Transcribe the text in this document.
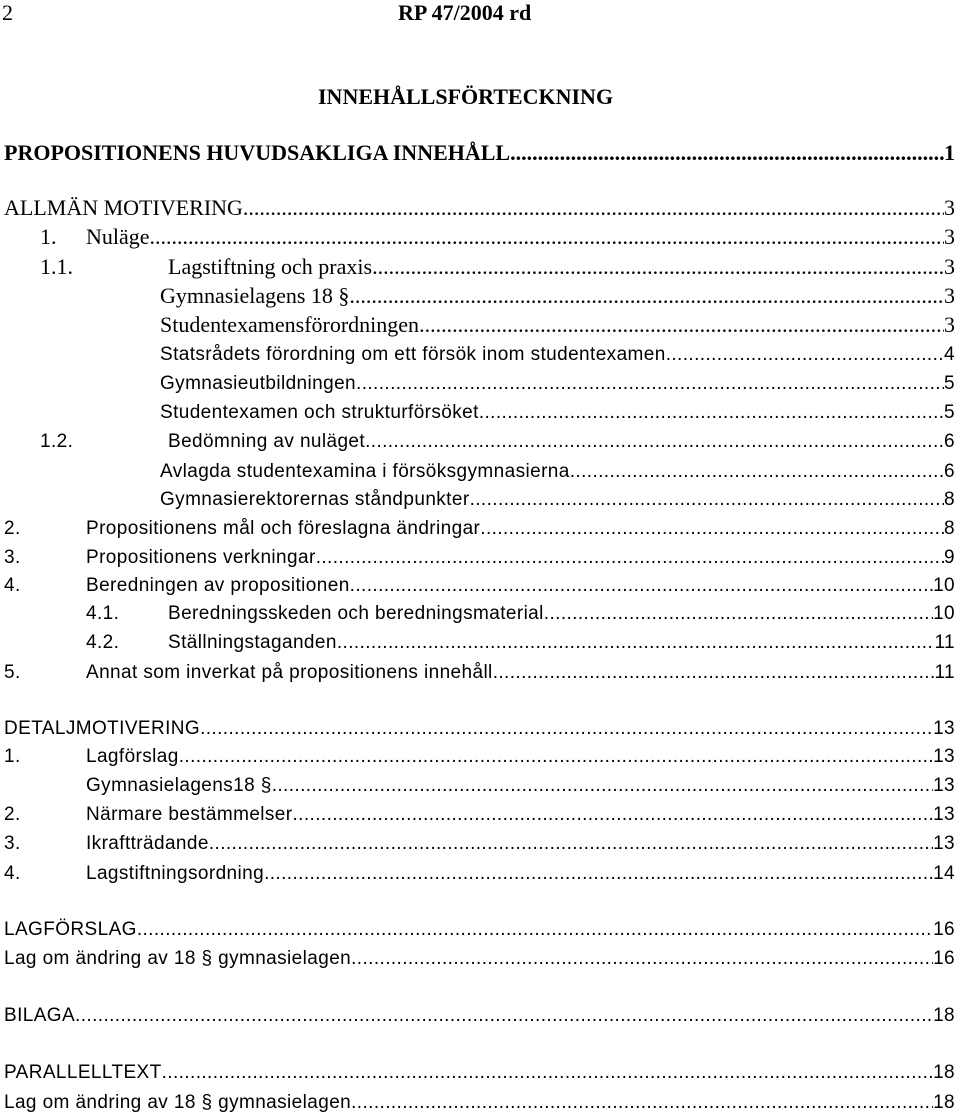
2	RP 47/2004 rd
INNEHÅLLSFÖRTECKNING
PROPOSITIONENS HUVUDSAKLIGA INNEHÅLL .....	1
ALLMÄN MOTIVERING .....	3
1.	Nuläge .....	3
1.1.	Lagstiftning och praxis .....	3
Gymnasielagens 18 § .....	3
Studentexamensförordningen .....	3
Statsrådets förordning om ett försök inom studentexamen .....	4
Gymnasieutbildningen .....	5
Studentexamen och strukturförsöket .....	5
1.2.	Bedömning av nuläget .....	6
Avlagda studentexamina i försöksgymnasierna .....	6
Gymnasierektorernas ståndpunkter .....	8
2.	Propositionens mål och föreslagna ändringar .....	8
3.	Propositionens verkningar .....	9
4.	Beredningen av propositionen .....	10
4.1.	Beredningsskeden och beredningsmaterial .....	10
4.2.	Ställningstaganden .....	11
5.	Annat som inverkat på propositionens innehåll .....	11
DETALJMOTIVERING .....	13
1.	Lagförslag .....	13
Gymnasielagens18 § .....	13
2.	Närmare bestämmelser .....	13
3.	Ikraftträdande .....	13
4.	Lagstiftningsordning .....	14
LAGFÖRSLAG .....	16
Lag om ändring av 18 § gymnasielagen .....	16
BILAGA .....	18
PARALLELLTEXT .....	18
Lag om ändring av 18 § gymnasielagen .....	18
